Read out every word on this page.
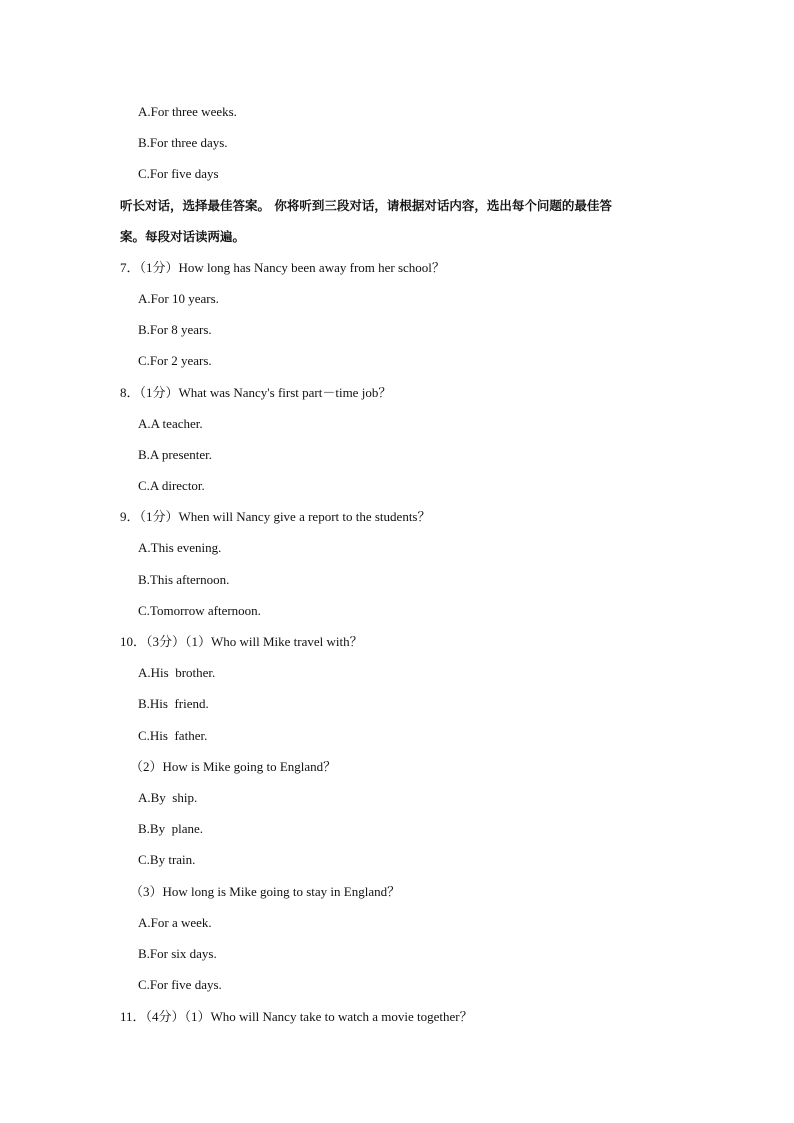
A.For three weeks.
B.For three days.
C.For five days
听长对话，选择最佳答案。 你将听到三段对话，请根据对话内容，选出每个问题的最佳答
案。每段对话读两遍。
7．（1分）How long has Nancy been away from her school？
A.For 10 years.
B.For 8 years.
C.For 2 years.
8．（1分）What was Nancy's first part－time job？
A.A teacher.
B.A presenter.
C.A director.
9．（1分）When will Nancy give a report to the students？
A.This evening.
B.This afternoon.
C.Tomorrow afternoon.
10．（3分）（1）Who will Mike travel with？
A.His  brother.
B.His  friend.
C.His  father.
（2）How is Mike going to England？
A.By  ship.
B.By  plane.
C.By train.
（3）How long is Mike going to stay in England？
A.For a week.
B.For six days.
C.For five days.
11．（4分）（1）Who will Nancy take to watch a movie together？
